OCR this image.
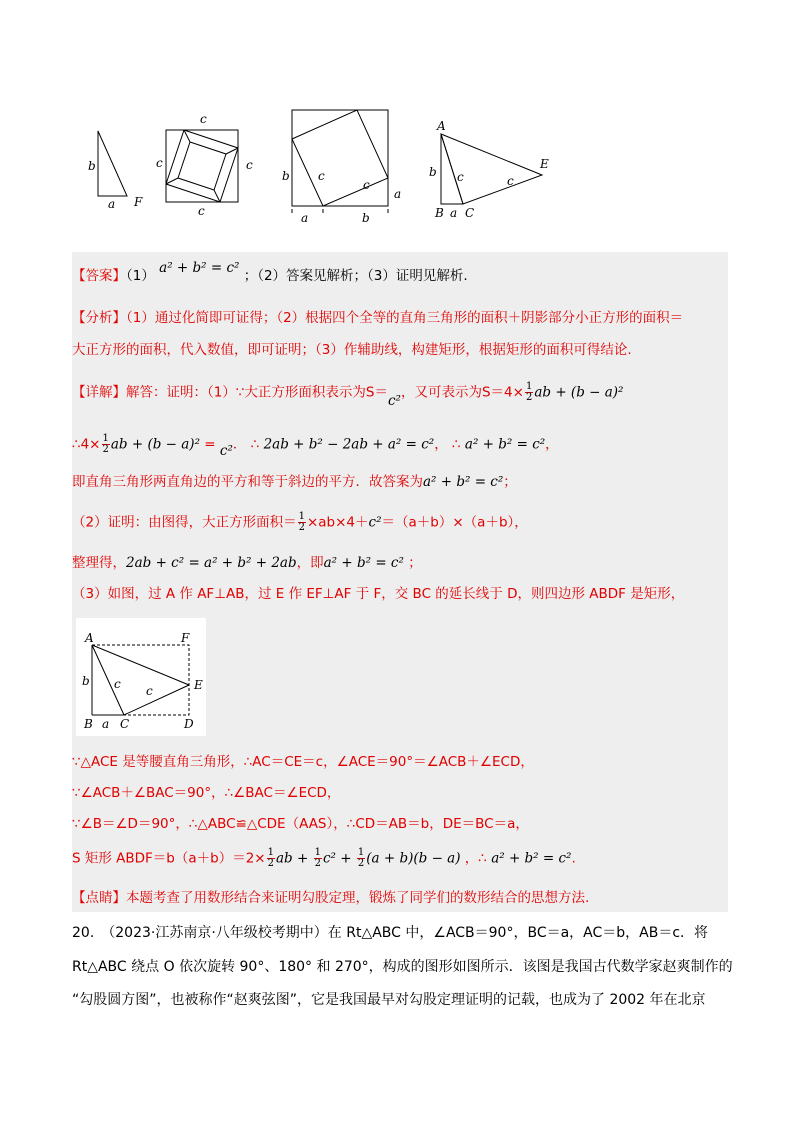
b
a F
c
c	c
c
c
b
a
b
a
c
A
E
b c	c
B a C
【答案】（1） a² + b² = c² ；（2）答案见解析；（3）证明见解析.
【分析】（1）通过化简即可证得；（2）根据四个全等的直角三角形的面积＋阴影部分小正方形的面积＝
大正方形的面积，代入数值，即可证明；（3）作辅助线，构建矩形，根据矩形的面积可得结论.
【详解】解答：证明：（1）∵大正方形面积表示为S＝c²，又可表示为$S=4\times \frac{1}{2}$ ab + (b − a)²
∴4× $\frac{1}{2}$ ab + (b − a)² = c²． ∴ 2ab + b² − 2ab + a² = c²， ∴ a² + b² = c²，
即直角三角形两直角边的平方和等于斜边的平方．故答案为a² + b² = c²；
（2）证明：由图得，大正方形面积＝ $\frac{1}{2} \times ab\times 4+c^2=(a+b)\times(a+b)$，
整理得，2ab + c² = a² + b² + 2ab，即a² + b² = c² ；
（3）如图，过 A 作 AF⊥AB，过 E 作 EF⊥AF 于 F，交 BC 的延长线于 D，则四边形 ABDF 是矩形，
A	F
b c c	E
B a C	D
∵△ACE 是等腰直角三角形，∴AC＝CE＝c，∠ACE＝90°＝∠ACB＋∠ECD，
∵∠ACB＋∠BAC＝90°，∴∠BAC＝∠ECD，
∵∠B＝∠D＝90°，∴△ABC≌△CDE（AAS），∴CD＝AB＝b，DE＝BC＝a，
S 矩形 ABDF＝b（a＋b）＝2× $\frac{1}{2}$ ab + $\frac{1}{2} c^2 + \frac{1}{2} (a + b)(b - a)$ ，∴ a² + b² = c².
【点睛】本题考查了用数形结合来证明勾股定理，锻炼了同学们的数形结合的思想方法.
20.　（2023·江苏南京·八年级校考期中）在 Rt△ABC 中，∠ACB＝90°，BC＝a，AC＝b，AB＝c．将
Rt△ABC 绕点 O 依次旋转 90°、180° 和 270°，构成的图形如图所示．该图是我国古代数学家赵爽制作的
“勾股圆方图”，也被称作“赵爽弦图”，它是我国最早对勾股定理证明的记载，也成为了 2002 年在北京
